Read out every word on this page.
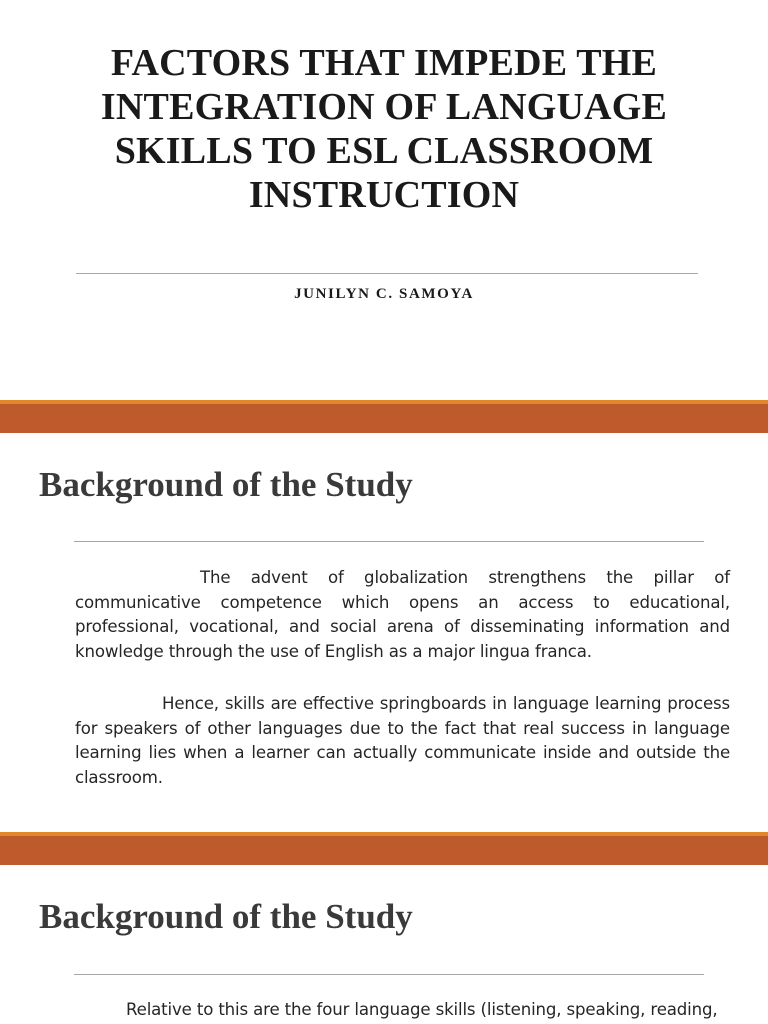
FACTORS THAT IMPEDE THE INTEGRATION OF LANGUAGE SKILLS TO ESL CLASSROOM INSTRUCTION
JUNILYN C. SAMOYA
Background of the Study

The advent of globalization strengthens the pillar of communicative competence which opens an access to educational, professional, vocational, and social arena of disseminating information and knowledge through the use of English as a major lingua franca.

Hence, skills are effective springboards in language learning process for speakers of other languages due to the fact that real success in language learning lies when a learner can actually communicate inside and outside the classroom.

Background of the Study

Relative to this are the four language skills (listening, speaking, reading,
